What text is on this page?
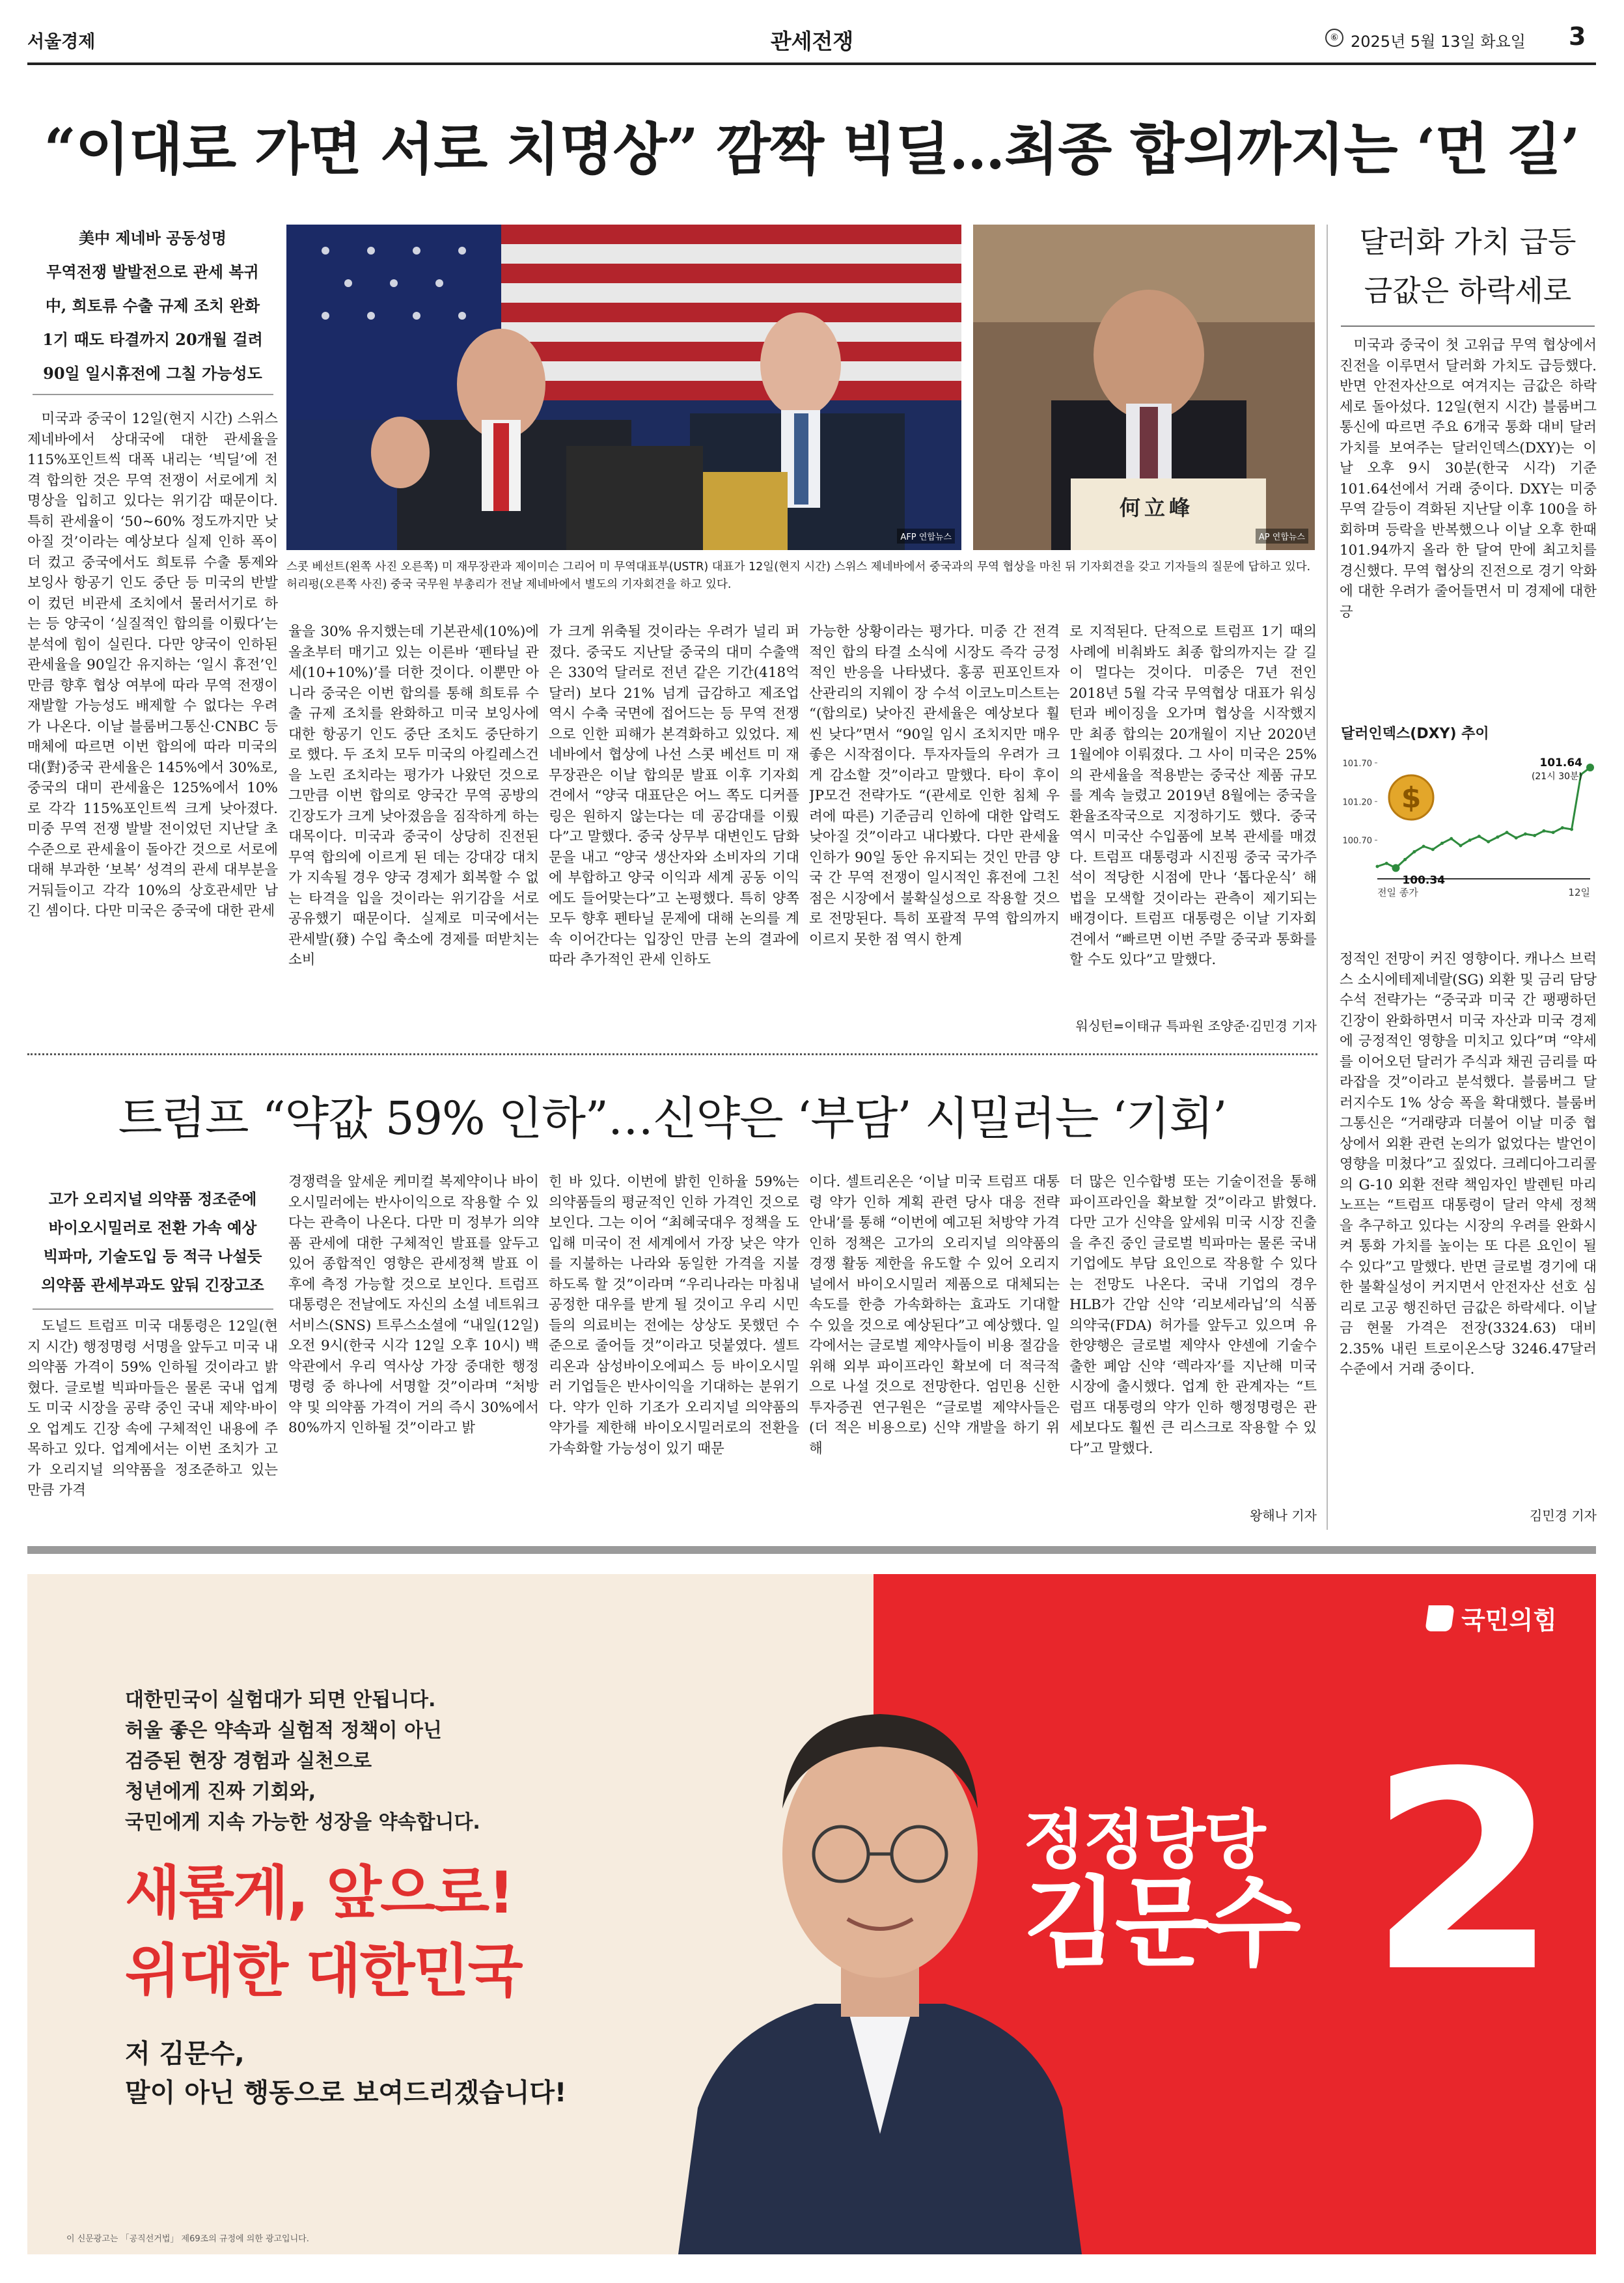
서울경제	관세전쟁	⑥ 2025년 5월 13일 화요일 3
“이대로 가면 서로 치명상” 깜짝 빅딜…최종 합의까지는 ‘먼 길’

美中 제네바 공동성명

무역전쟁 발발전으로 관세 복귀

中, 희토류 수출 규제 조치 완화

1기 때도 타결까지 20개월 걸려

90일 일시휴전에 그칠 가능성도

AFP 연합뉴스
何立峰
AP 연합뉴스
스콧 베선트(왼쪽 사진 오른쪽) 미 재무장관과 제이미슨 그리어 미 무역대표부(USTR) 대표가 12일(현지 시간) 스위스 제네바에서 중국과의 무역 협상을 마친 뒤 기자회견을 갖고 기자들의 질문에 답하고 있다. 허리펑(오른쪽 사진) 중국 국무원 부총리가 전날 제네바에서 별도의 기자회견을 하고 있다.

미국과 중국이 12일(현지 시간) 스위스 제네바에서 상대국에 대한 관세율을 115%포인트씩 대폭 내리는 ‘빅딜’에 전격 합의한 것은 무역 전쟁이 서로에게 치명상을 입히고 있다는 위기감 때문이다. 특히 관세율이 ‘50~60% 정도까지만 낮아질 것’이라는 예상보다 실제 인하 폭이 더 컸고 중국에서도 희토류 수출 통제와 보잉사 항공기 인도 중단 등 미국의 반발이 컸던 비관세 조치에서 물러서기로 하는 등 양국이 ‘실질적인 합의를 이뤘다’는 분석에 힘이 실린다. 다만 양국이 인하된 관세율을 90일간 유지하는 ‘일시 휴전’인 만큼 향후 협상 여부에 따라 무역 전쟁이 재발할 가능성도 배제할 수 없다는 우려가 나온다. 이날 블룸버그통신·CNBC 등 매체에 따르면 이번 합의에 따라 미국의 대(對)중국 관세율은 145%에서 30%로, 중국의 대미 관세율은 125%에서 10%로 각각 115%포인트씩 크게 낮아졌다. 미중 무역 전쟁 발발 전이었던 지난달 초 수준으로 관세율이 돌아간 것으로 서로에 대해 부과한 ‘보복’ 성격의 관세 대부분을 거둬들이고 각각 10%의 상호관세만 남긴 셈이다. 다만 미국은 중국에 대한 관세

율을 30% 유지했는데 기본관세(10%)에 올초부터 매기고 있는 이른바 ‘펜타닐 관세(10+10%)’를 더한 것이다. 이뿐만 아니라 중국은 이번 합의를 통해 희토류 수출 규제 조치를 완화하고 미국 보잉사에 대한 항공기 인도 중단 조치도 중단하기로 했다. 두 조치 모두 미국의 아킬레스건을 노린 조치라는 평가가 나왔던 것으로 그만큼 이번 합의로 양국간 무역 공방의 긴장도가 크게 낮아졌음을 짐작하게 하는 대목이다. 미국과 중국이 상당히 진전된 무역 합의에 이르게 된 데는 강대강 대치가 지속될 경우 양국 경제가 회복할 수 없는 타격을 입을 것이라는 위기감을 서로 공유했기 때문이다. 실제로 미국에서는 관세발(發) 수입 축소에 경제를 떠받치는 소비

가 크게 위축될 것이라는 우려가 널리 퍼졌다. 중국도 지난달 중국의 대미 수출액은 330억 달러로 전년 같은 기간(418억 달러) 보다 21% 넘게 급감하고 제조업 역시 수축 국면에 접어드는 등 무역 전쟁으로 인한 피해가 본격화하고 있었다. 제네바에서 협상에 나선 스콧 베선트 미 재무장관은 이날 합의문 발표 이후 기자회견에서 “양국 대표단은 어느 쪽도 디커플링은 원하지 않는다는 데 공감대를 이뤘다”고 말했다. 중국 상무부 대변인도 담화문을 내고 “양국 생산자와 소비자의 기대에 부합하고 양국 이익과 세계 공동 이익에도 들어맞는다”고 논평했다. 특히 양쪽 모두 향후 펜타닐 문제에 대해 논의를 계속 이어간다는 입장인 만큼 논의 결과에 따라 추가적인 관세 인하도

가능한 상황이라는 평가다. 미중 간 전격적인 합의 타결 소식에 시장도 즉각 긍정적인 반응을 나타냈다. 홍콩 핀포인트자산관리의 지웨이 장 수석 이코노미스트는 “(합의로) 낮아진 관세율은 예상보다 훨씬 낮다”면서 “90일 임시 조치지만 매우 좋은 시작점이다. 투자자들의 우려가 크게 감소할 것”이라고 말했다. 타이 후이 JP모건 전략가도 “(관세로 인한 침체 우려에 따른) 기준금리 인하에 대한 압력도 낮아질 것”이라고 내다봤다. 다만 관세율 인하가 90일 동안 유지되는 것인 만큼 양국 간 무역 전쟁이 일시적인 휴전에 그친 점은 시장에서 불확실성으로 작용할 것으로 전망된다. 특히 포괄적 무역 합의까지 이르지 못한 점 역시 한계

로 지적된다. 단적으로 트럼프 1기 때의 사례에 비춰봐도 최종 합의까지는 갈 길이 멀다는 것이다. 미중은 7년 전인 2018년 5월 각국 무역협상 대표가 워싱턴과 베이징을 오가며 협상을 시작했지만 최종 합의는 20개월이 지난 2020년 1월에야 이뤄졌다. 그 사이 미국은 25%의 관세율을 적용받는 중국산 제품 규모를 계속 늘렸고 2019년 8월에는 중국을 환율조작국으로 지정하기도 했다. 중국 역시 미국산 수입품에 보복 관세를 매겼다. 트럼프 대통령과 시진핑 중국 국가주석이 적당한 시점에 만나 ‘톱다운식’ 해법을 모색할 것이라는 관측이 제기되는 배경이다. 트럼프 대통령은 이날 기자회견에서 “빠르면 이번 주말 중국과 통화를 할 수도 있다”고 말했다.

워싱턴=이태규 특파원 조양준·김민경 기자
달러화 가치 급등
금값은 하락세로

미국과 중국이 첫 고위급 무역 협상에서 진전을 이루면서 달러화 가치도 급등했다. 반면 안전자산으로 여겨지는 금값은 하락세로 돌아섰다. 12일(현지 시간) 블룸버그통신에 따르면 주요 6개국 통화 대비 달러 가치를 보여주는 달러인덱스(DXY)는 이날 오후 9시 30분(한국 시각) 기준 101.64선에서 거래 중이다. DXY는 미중 무역 갈등이 격화된 지난달 이후 100을 하회하며 등락을 반복했으나 이날 오후 한때 101.94까지 올라 한 달여 만에 최고치를 경신했다. 무역 협상의 진전으로 경기 악화에 대한 우려가 줄어들면서 미 경제에 대한 긍

달러인덱스(DXY) 추이
101.70
101.20
100.70
$
100.34
101.64
(21시 30분)
전일 종가	12일

정적인 전망이 커진 영향이다. 캐나스 브럭스 소시에테제네랄(SG) 외환 및 금리 담당 수석 전략가는 “중국과 미국 간 팽팽하던 긴장이 완화하면서 미국 자산과 미국 경제에 긍정적인 영향을 미치고 있다”며 “약세를 이어오던 달러가 주식과 채권 금리를 따라잡을 것”이라고 분석했다. 블룸버그 달러지수도 1% 상승 폭을 확대했다. 블룸버그통신은 “거래량과 더불어 이날 미중 협상에서 외환 관련 논의가 없었다는 발언이 영향을 미쳤다”고 짚었다. 크레디아그리콜의 G-10 외환 전략 책임자인 발렌틴 마리노프는 “트럼프 대통령이 달러 약세 정책을 추구하고 있다는 시장의 우려를 완화시켜 통화 가치를 높이는 또 다른 요인이 될 수 있다”고 말했다. 반면 글로벌 경기에 대한 불확실성이 커지면서 안전자산 선호 심리로 고공 행진하던 금값은 하락세다. 이날 금 현물 가격은 전장(3324.63) 대비 2.35% 내린 트로이온스당 3246.47달러 수준에서 거래 중이다.

김민경 기자
트럼프 “약값 59% 인하”…신약은 ‘부담’ 시밀러는 ‘기회’

고가 오리지널 의약품 정조준에

바이오시밀러로 전환 가속 예상

빅파마, 기술도입 등 적극 나설듯

의약품 관세부과도 앞둬 긴장고조

도널드 트럼프 미국 대통령은 12일(현지 시간) 행정명령 서명을 앞두고 미국 내 의약품 가격이 59% 인하될 것이라고 밝혔다. 글로벌 빅파마들은 물론 국내 업계도 미국 시장을 공략 중인 국내 제약·바이오 업계도 긴장 속에 구체적인 내용에 주목하고 있다. 업계에서는 이번 조치가 고가 오리지널 의약품을 정조준하고 있는 만큼 가격

경쟁력을 앞세운 케미컬 복제약이나 바이오시밀러에는 반사이익으로 작용할 수 있다는 관측이 나온다. 다만 미 정부가 의약품 관세에 대한 구체적인 발표를 앞두고 있어 종합적인 영향은 관세정책 발표 이후에 측정 가능할 것으로 보인다. 트럼프 대통령은 전날에도 자신의 소셜 네트워크서비스(SNS) 트루스소셜에 “내일(12일) 오전 9시(한국 시각 12일 오후 10시) 백악관에서 우리 역사상 가장 중대한 행정명령 중 하나에 서명할 것”이라며 “처방약 및 의약품 가격이 거의 즉시 30%에서 80%까지 인하될 것”이라고 밝

힌 바 있다. 이번에 밝힌 인하율 59%는 의약품들의 평균적인 인하 가격인 것으로 보인다. 그는 이어 “최혜국대우 정책을 도입해 미국이 전 세계에서 가장 낮은 약가를 지불하는 나라와 동일한 가격을 지불하도록 할 것”이라며 “우리나라는 마침내 공정한 대우를 받게 될 것이고 우리 시민들의 의료비는 전에는 상상도 못했던 수준으로 줄어들 것”이라고 덧붙였다. 셀트리온과 삼성바이오에피스 등 바이오시밀러 기업들은 반사이익을 기대하는 분위기다. 약가 인하 기조가 오리지널 의약품의 약가를 제한해 바이오시밀러로의 전환을 가속화할 가능성이 있기 때문

이다. 셀트리온은 ‘이날 미국 트럼프 대통령 약가 인하 계획 관련 당사 대응 전략 안내’를 통해 “이번에 예고된 처방약 가격 인하 정책은 고가의 오리지널 의약품의 경쟁 활동 제한을 유도할 수 있어 오리지널에서 바이오시밀러 제품으로 대체되는 속도를 한층 가속화하는 효과도 기대할 수 있을 것으로 예상된다”고 예상했다. 일각에서는 글로벌 제약사들이 비용 절감을 위해 외부 파이프라인 확보에 더 적극적으로 나설 것으로 전망한다. 엄민용 신한투자증권 연구원은 “글로벌 제약사들은 (더 적은 비용으로) 신약 개발을 하기 위해

더 많은 인수합병 또는 기술이전을 통해 파이프라인을 확보할 것”이라고 밝혔다. 다만 고가 신약을 앞세워 미국 시장 진출을 추진 중인 글로벌 빅파마는 물론 국내 기업에도 부담 요인으로 작용할 수 있다는 전망도 나온다. 국내 기업의 경우 HLB가 간암 신약 ‘리보세라닙’의 식품의약국(FDA) 허가를 앞두고 있으며 유한양행은 글로벌 제약사 얀센에 기술수출한 폐암 신약 ‘렉라자’를 지난해 미국 시장에 출시했다. 업계 한 관계자는 “트럼프 대통령의 약가 인하 행정명령은 관세보다도 훨씬 큰 리스크로 작용할 수 있다”고 말했다.

왕해나 기자
국민의힘
대한민국이 실험대가 되면 안됩니다.
허울 좋은 약속과 실험적 정책이 아닌
검증된 현장 경험과 실천으로
청년에게 진짜 기회와,
국민에게 지속 가능한 성장을 약속합니다.
새롭게, 앞으로!
위대한 대한민국
저 김문수,
말이 아닌 행동으로 보여드리겠습니다!
정정당당
김문수 2
이 신문광고는 「공직선거법」 제69조의 규정에 의한 광고입니다.
